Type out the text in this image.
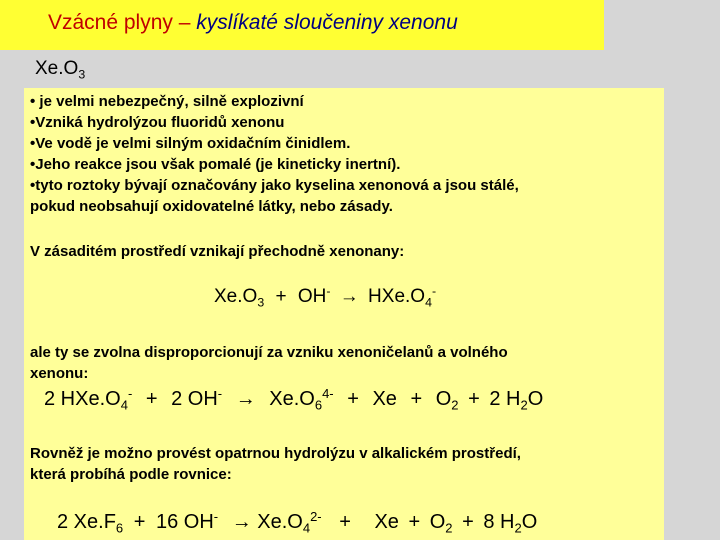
Vzácné plyny – kyslíkaté sloučeniny xenonu
$Xe.O_3$
• je velmi nebezpečný, silně explozivní
•Vzniká hydrolýzou fluoridů xenonu
•Ve vodě je velmi silným oxidačním činidlem.
•Jeho reakce jsou však pomalé (je kineticky inertní).
•tyto roztoky bývají označovány jako kyselina xenonová a jsou stálé,
pokud neobsahují oxidovatelné látky, nebo zásady.
V zásaditém prostředí vznikají přechodně xenonany:
$Xe.O_3 + OH^- \to HXe.O_4^-$
ale ty se zvolna disproporcionují za vzniku xenoničelanů a volného
xenonu:
2 $HXe.O_4^- + 2$ $OH^- \to Xe.O_6^{4-} + Xe + O_2 + 2$ $H_2O$
Rovněž je možno provést opatrnou hydrolýzu v alkalickém prostředí,
která probíhá podle rovnice:
2 $Xe.F_6 + 16$ $OH^- \to Xe.O_4^{2-} + Xe + O_2 + 8$ $H_2O$
